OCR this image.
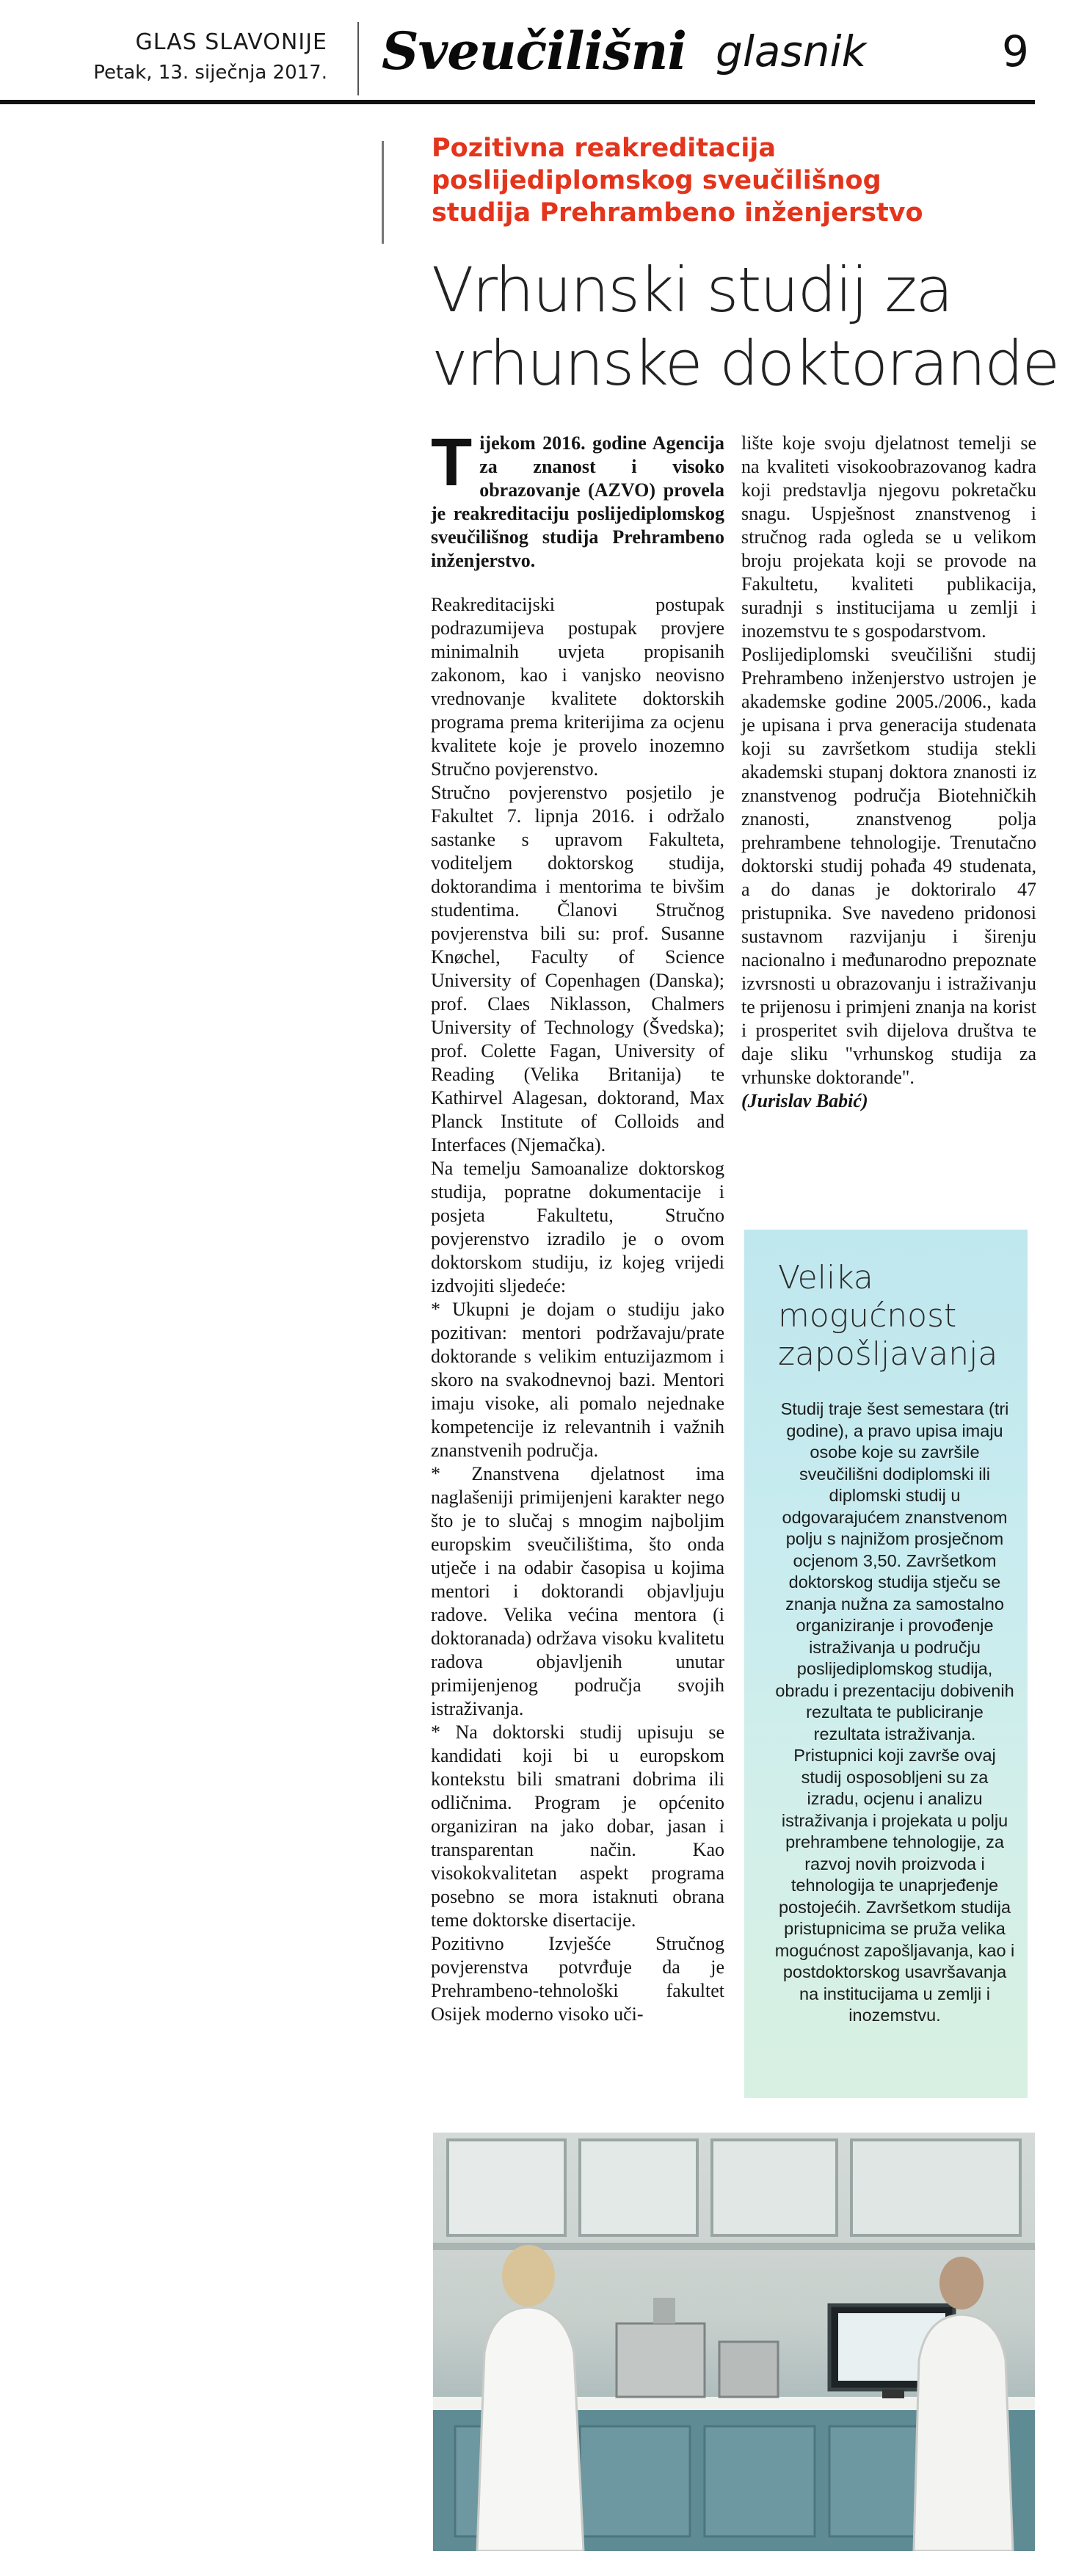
GLAS SLAVONIJE
Petak, 13. siječnja 2017. Sveučilišni glasnik	9
Pozitivna reakreditacija
poslijediplomskog sveučilišnog
studija Prehrambeno inženjerstvo
Vrhunski studij za
vrhunske doktorande

Tijekom 2016. godine Agencija za znanost i visoko obrazovanje (AZVO) provela je reakreditaciju poslijediplomskog sveučilišnog studija Prehrambeno inženjerstvo.

Reakreditacijski postupak podrazumijeva postupak provjere minimalnih uvjeta propisanih zakonom, kao i vanjsko neovisno vrednovanje kvalitete doktorskih programa prema kriterijima za ocjenu kvalitete koje je provelo inozemno Stručno povjerenstvo.

Stručno povjerenstvo posjetilo je Fakultet 7. lipnja 2016. i održalo sastanke s upravom Fakulteta, voditeljem doktorskog studija, doktorandima i mentorima te bivšim studentima. Članovi Stručnog povjerenstva bili su: prof. Susanne Knøchel, Faculty of Science University of Copenhagen (Danska); prof. Claes Niklasson, Chalmers University of Technology (Švedska); prof. Colette Fagan, University of Reading (Velika Britanija) te Kathirvel Alagesan, doktorand, Max Planck Institute of Colloids and Interfaces (Njemačka).

Na temelju Samoanalize doktorskog studija, popratne dokumentacije i posjeta Fakultetu, Stručno povjerenstvo izradilo je o ovom doktorskom studiju, iz kojeg vrijedi izdvojiti sljedeće:

* Ukupni je dojam o studiju jako pozitivan: mentori podržavaju/prate doktorande s velikim entuzijazmom i skoro na svakodnevnoj bazi. Mentori imaju visoke, ali pomalo nejednake kompetencije iz relevantnih i važnih znanstvenih područja.

* Znanstvena djelatnost ima naglašeniji primijenjeni karakter nego što je to slučaj s mnogim najboljim europskim sveučilištima, što onda utječe i na odabir časopisa u kojima mentori i doktorandi objavljuju radove. Velika većina mentora (i doktoranada) održava visoku kvalitetu radova objavljenih unutar primijenjenog područja svojih istraživanja.

* Na doktorski studij upisuju se kandidati koji bi u europskom kontekstu bili smatrani dobrima ili odličnima. Program je općenito organiziran na jako dobar, jasan i transparentan način. Kao visokokvalitetan aspekt programa posebno se mora istaknuti obrana teme doktorske disertacije.

Pozitivno Izvješće Stručnog povjerenstva potvrđuje da je Prehrambeno-tehnološki fakultet Osijek moderno visoko uči-

lište koje svoju djelatnost temelji se na kvaliteti visokoobrazovanog kadra koji predstavlja njegovu pokretačku snagu. Uspješnost znanstvenog i stručnog rada ogleda se u velikom broju projekata koji se provode na Fakultetu, kvaliteti publikacija, suradnji s institucijama u zemlji i inozemstvu te s gospodarstvom.

Poslijediplomski sveučilišni studij Prehrambeno inženjerstvo ustrojen je akademske godine 2005./2006., kada je upisana i prva generacija studenata koji su završetkom studija stekli akademski stupanj doktora znanosti iz znanstvenog područja Biotehničkih znanosti, znanstvenog polja prehrambene tehnologije. Trenutačno doktorski studij pohađa 49 studenata, a do danas je doktoriralo 47 pristupnika. Sve navedeno pridonosi sustavnom razvijanju i širenju nacionalno i međunarodno prepoznate izvrsnosti u obrazovanju i istraživanju te prijenosu i primjeni znanja na korist i prosperitet svih dijelova društva te daje sliku "vrhunskog studija za vrhunske doktorande".

(Jurislav Babić)

Velika
mogućnost
zapošljavanja

Studij traje šest semestara (tri godine), a pravo upisa imaju osobe koje su završile sveučilišni dodiplomski ili diplomski studij u odgovarajućem znanstvenom polju s najnižom prosječnom ocjenom 3,50. Završetkom doktorskog studija stječu se znanja nužna za samostalno organiziranje i provođenje istraživanja u području poslijediplomskog studija, obradu i prezentaciju dobivenih rezultata te publiciranje rezultata istraživanja. Pristupnici koji završe ovaj studij osposobljeni su za izradu, ocjenu i analizu istraživanja i projekata u polju prehrambene tehnologije, za razvoj novih proizvoda i tehnologija te unaprjeđenje postojećih. Završetkom studija pristupnicima se pruža velika mogućnost zapošljavanja, kao i postdoktorskog usavršavanja na institucijama u zemlji i inozemstvu.
